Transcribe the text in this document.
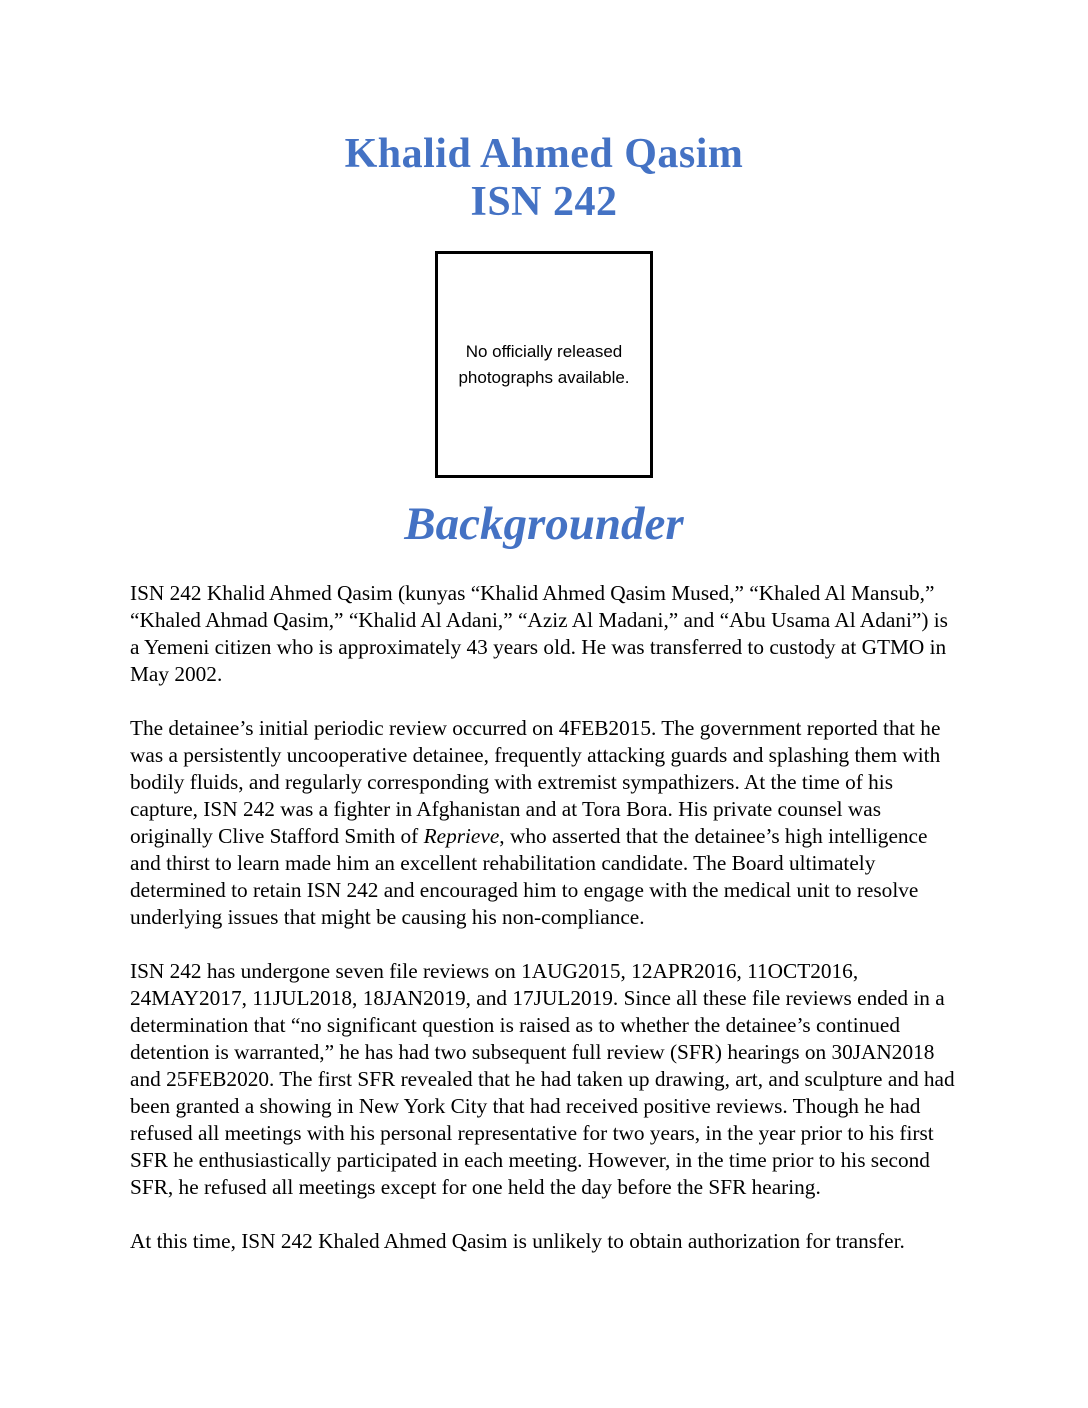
Khalid Ahmed Qasim
ISN 242
No officially released
photographs available.
Backgrounder

ISN 242 Khalid Ahmed Qasim (kunyas “Khalid Ahmed Qasim Mused,” “Khaled Al Mansub,” “Khaled Ahmad Qasim,” “Khalid Al Adani,” “Aziz Al Madani,” and “Abu Usama Al Adani”) is a Yemeni citizen who is approximately 43 years old. He was transferred to custody at GTMO in May 2002.

The detainee’s initial periodic review occurred on 4FEB2015. The government reported that he was a persistently uncooperative detainee, frequently attacking guards and splashing them with bodily fluids, and regularly corresponding with extremist sympathizers. At the time of his capture, ISN 242 was a fighter in Afghanistan and at Tora Bora. His private counsel was originally Clive Stafford Smith of Reprieve, who asserted that the detainee’s high intelligence and thirst to learn made him an excellent rehabilitation candidate. The Board ultimately determined to retain ISN 242 and encouraged him to engage with the medical unit to resolve underlying issues that might be causing his non-compliance.

ISN 242 has undergone seven file reviews on 1AUG2015, 12APR2016, 11OCT2016, 24MAY2017, 11JUL2018, 18JAN2019, and 17JUL2019. Since all these file reviews ended in a determination that “no significant question is raised as to whether the detainee’s continued detention is warranted,” he has had two subsequent full review (SFR) hearings on 30JAN2018 and 25FEB2020. The first SFR revealed that he had taken up drawing, art, and sculpture and had been granted a showing in New York City that had received positive reviews. Though he had refused all meetings with his personal representative for two years, in the year prior to his first SFR he enthusiastically participated in each meeting. However, in the time prior to his second SFR, he refused all meetings except for one held the day before the SFR hearing.

At this time, ISN 242 Khaled Ahmed Qasim is unlikely to obtain authorization for transfer.
